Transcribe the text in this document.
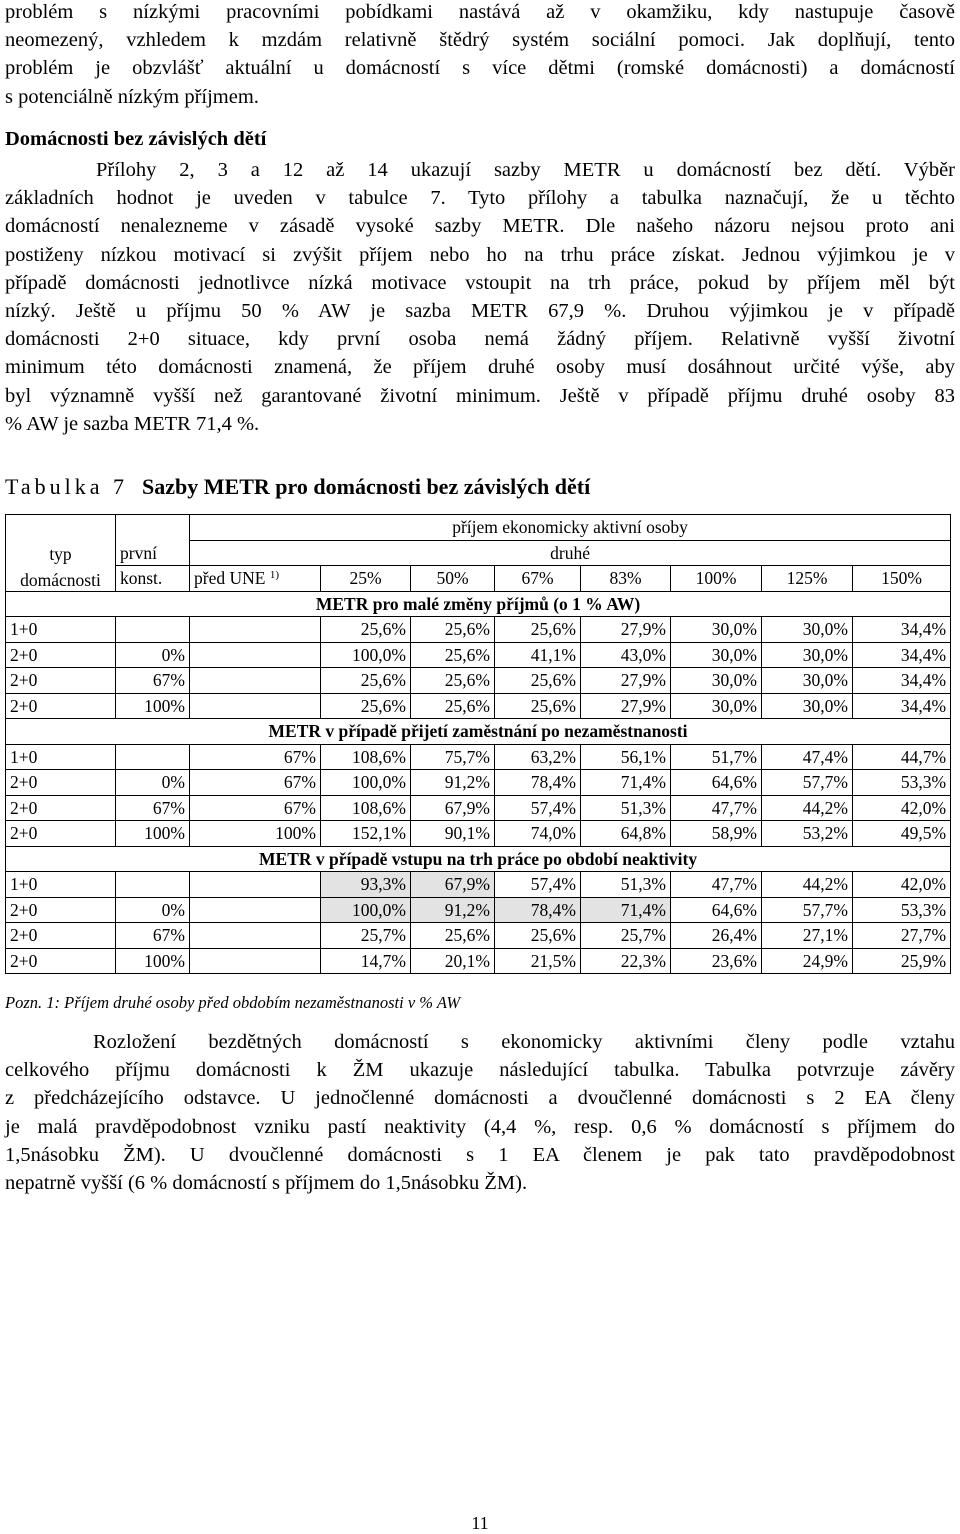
problém s nízkými pracovními pobídkami nastává až v okamžiku, kdy nastupuje časově
neomezený, vzhledem k mzdám relativně štědrý systém sociální pomoci. Jak doplňují, tento
problém je obzvlášť aktuální u domácností s více dětmi (romské domácnosti) a domácností
s potenciálně nízkým příjmem.
Domácnosti bez závislých dětí
Přílohy 2, 3 a 12 až 14 ukazují sazby METR u domácností bez dětí. Výběr
základních hodnot je uveden v tabulce 7. Tyto přílohy a tabulka naznačují, že u těchto
domácností nenalezneme v zásadě vysoké sazby METR. Dle našeho názoru nejsou proto ani
postiženy nízkou motivací si zvýšit příjem nebo ho na trhu práce získat. Jednou výjimkou je v
případě domácnosti jednotlivce nízká motivace vstoupit na trh práce, pokud by příjem měl být
nízký. Ještě u příjmu 50 % AW je sazba METR 67,9 %. Druhou výjimkou je v případě
domácnosti 2+0 situace, kdy první osoba nemá žádný příjem. Relativně vyšší životní
minimum této domácnosti znamená, že příjem druhé osoby musí dosáhnout určité výše, aby
byl významně vyšší než garantované životní minimum. Ještě v případě příjmu druhé osoby 83
% AW je sazba METR 71,4 %.

Tabulka 7 Sazby METR pro domácnosti bez závislých dětí

typ
domácnosti		příjem ekonomicky aktivní osoby							
	první	druhé							
	konst.	před UNE $^{1)}$	25%	50%	67%	83%	100%	125%	150%
METR pro malé změny příjmů (o 1 % AW)									
1+0			25,6%	25,6%	25,6%	27,9%	30,0%	30,0%	34,4%
2+0	0%		100,0%	25,6%	41,1%	43,0%	30,0%	30,0%	34,4%
2+0	67%		25,6%	25,6%	25,6%	27,9%	30,0%	30,0%	34,4%
2+0	100%		25,6%	25,6%	25,6%	27,9%	30,0%	30,0%	34,4%
METR v případě přijetí zaměstnání po nezaměstnanosti									
1+0		67%	108,6%	75,7%	63,2%	56,1%	51,7%	47,4%	44,7%
2+0	0%	67%	100,0%	91,2%	78,4%	71,4%	64,6%	57,7%	53,3%
2+0	67%	67%	108,6%	67,9%	57,4%	51,3%	47,7%	44,2%	42,0%
2+0	100%	100%	152,1%	90,1%	74,0%	64,8%	58,9%	53,2%	49,5%
METR v případě vstupu na trh práce po období neaktivity									
1+0			93,3%	67,9%	57,4%	51,3%	47,7%	44,2%	42,0%
2+0	0%		100,0%	91,2%	78,4%	71,4%	64,6%	57,7%	53,3%
2+0	67%		25,7%	25,6%	25,6%	25,7%	26,4%	27,1%	27,7%
2+0	100%		14,7%	20,1%	21,5%	22,3%	23,6%	24,9%	25,9%

Pozn. 1: Příjem druhé osoby před obdobím nezaměstnanosti v % AW

Rozložení bezdětných domácností s ekonomicky aktivními členy podle vztahu
celkového příjmu domácnosti k ŽM ukazuje následující tabulka. Tabulka potvrzuje závěry
z předcházejícího odstavce. U jednočlenné domácnosti a dvoučlenné domácnosti s 2 EA členy
je malá pravděpodobnost vzniku pastí neaktivity (4,4 %, resp. 0,6 % domácností s příjmem do
1,5násobku ŽM). U dvoučlenné domácnosti s 1 EA členem je pak tato pravděpodobnost
nepatrně vyšší (6 % domácností s příjmem do 1,5násobku ŽM).

11
